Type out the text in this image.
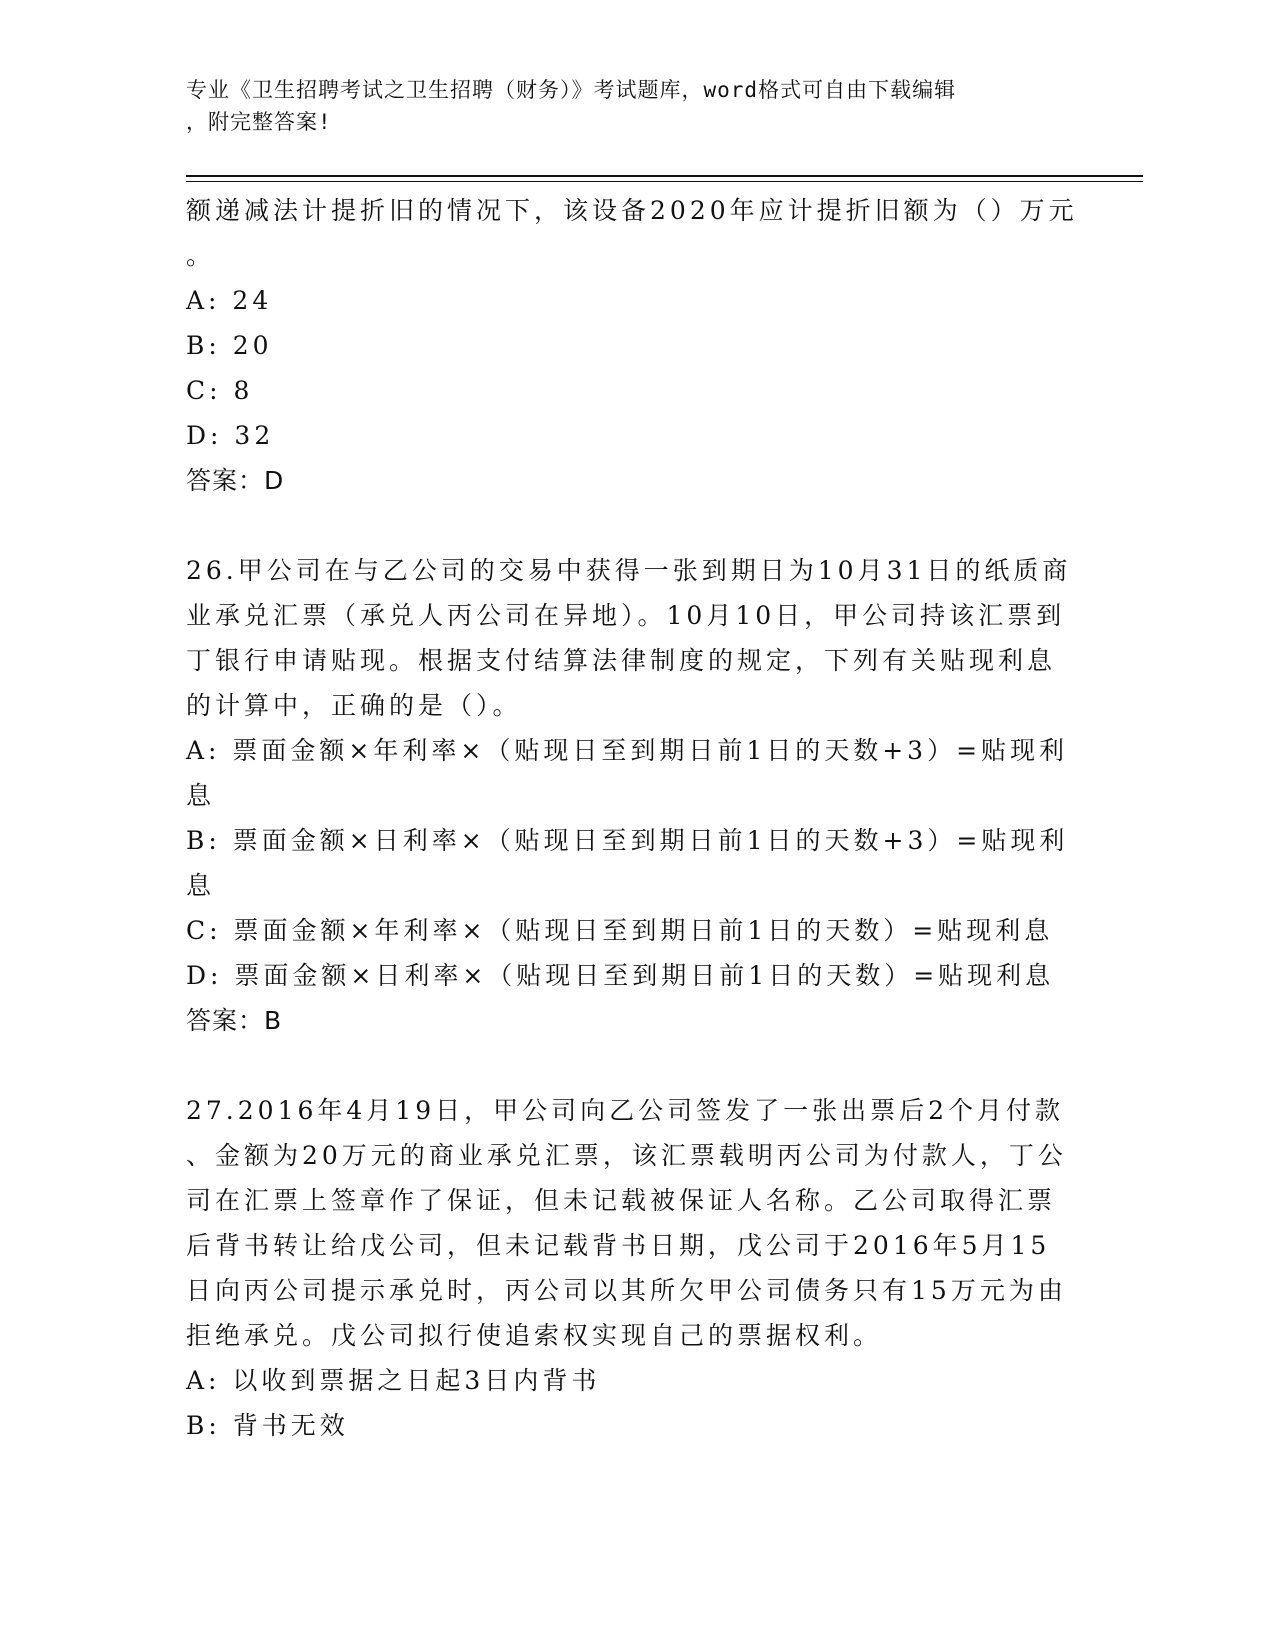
专业《卫生招聘考试之卫生招聘（财务）》考试题库，word格式可自由下载编辑
，附完整答案!
额递减法计提折旧的情况下，该设备2020年应计提折旧额为（）万元
。
A: 24
B: 20
C: 8
D: 32
答案：D
26.甲公司在与乙公司的交易中获得一张到期日为10月31日的纸质商
业承兑汇票（承兑人丙公司在异地）。10月10日，甲公司持该汇票到
丁银行申请贴现。根据支付结算法律制度的规定，下列有关贴现利息
的计算中，正确的是（）。
A: 票面金额×年利率×（贴现日至到期日前1日的天数+3）=贴现利
息
B: 票面金额×日利率×（贴现日至到期日前1日的天数+3）=贴现利
息
C: 票面金额×年利率×（贴现日至到期日前1日的天数）=贴现利息
D: 票面金额×日利率×（贴现日至到期日前1日的天数）=贴现利息
答案：B
27.2016年4月19日，甲公司向乙公司签发了一张出票后2个月付款
、金额为20万元的商业承兑汇票，该汇票载明丙公司为付款人，丁公
司在汇票上签章作了保证，但未记载被保证人名称。乙公司取得汇票
后背书转让给戊公司，但未记载背书日期，戊公司于2016年5月15
日向丙公司提示承兑时，丙公司以其所欠甲公司债务只有15万元为由
拒绝承兑。戊公司拟行使追索权实现自己的票据权利。
A: 以收到票据之日起3日内背书
B: 背书无效
